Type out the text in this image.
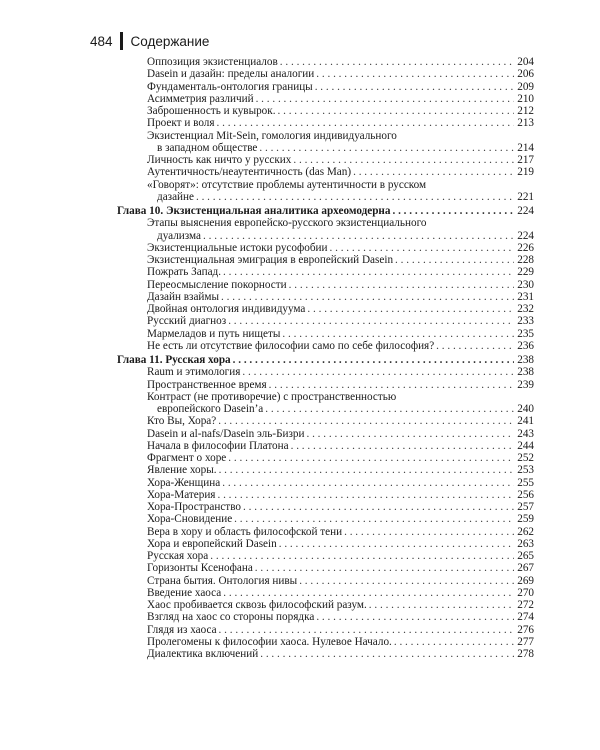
484	Содержание
Оппозиция экзистенциалов . . .	204
Dasein и дазайн: пределы аналогии . . .	206
Фундаменталь-онтология границы . . .	209
Асимметрия различий . . .	210
Заброшенность и кувырок. . . .	212
Проект и воля . . .	213
Экзистенциал Mit-Sein, гомология индивидуального
в западном обществе . . .	214
Личность как ничто у русских . . .	217
Аутентичность/неаутентичность (das Man) . . .	219
«Говорят»: отсутствие проблемы аутентичности в русском
дазайне . . .	221
Глава 10. Экзистенциальная аналитика археомодерна . . .	224
Этапы выяснения европейско-русского экзистенциального
дуализма . . .	224
Экзистенциальные истоки русофобии . . .	226
Экзистенциальная эмиграция в европейский Dasein . . .	228
Пожрать Запад. . . .	229
Переосмысление покорности . . .	230
Дазайн взаймы . . .	231
Двойная онтология индивидуума . . .	232
Русский диагноз . . .	233
Мармеладов и путь нищеты . . .	235
Не есть ли отсутствие философии само по себе философия? . . .	236
Глава 11. Русская хора . . .	238
Raum и этимология . . .	238
Пространственное время . . .	239
Контраст (не противоречие) с пространственностью
европейского Dasein’а . . .	240
Кто Вы, Хора? . . .	241
Dasein и al-nafs/Dasein эль-Бизри . . .	243
Начала в философии Платона . . .	244
Фрагмент о хоре . . .	252
Явление хоры. . . .	253
Хора-Женщина . . .	255
Хора-Материя . . .	256
Хора-Пространство . . .	257
Хора-Сновидение . . .	259
Вера в хору и область философской тени . . .	262
Хора и европейский Dasein . . .	263
Русская хора . . .	265
Горизонты Ксенофана . . .	267
Страна бытия. Онтология нивы . . .	269
Введение хаоса . . .	270
Хаос пробивается сквозь философский разум. . . .	272
Взгляд на хаос со стороны порядка . . .	274
Глядя из хаоса . . .	276
Пролегомены к философии хаоса. Нулевое Начало. . . .	277
Диалектика включений . . .	278
